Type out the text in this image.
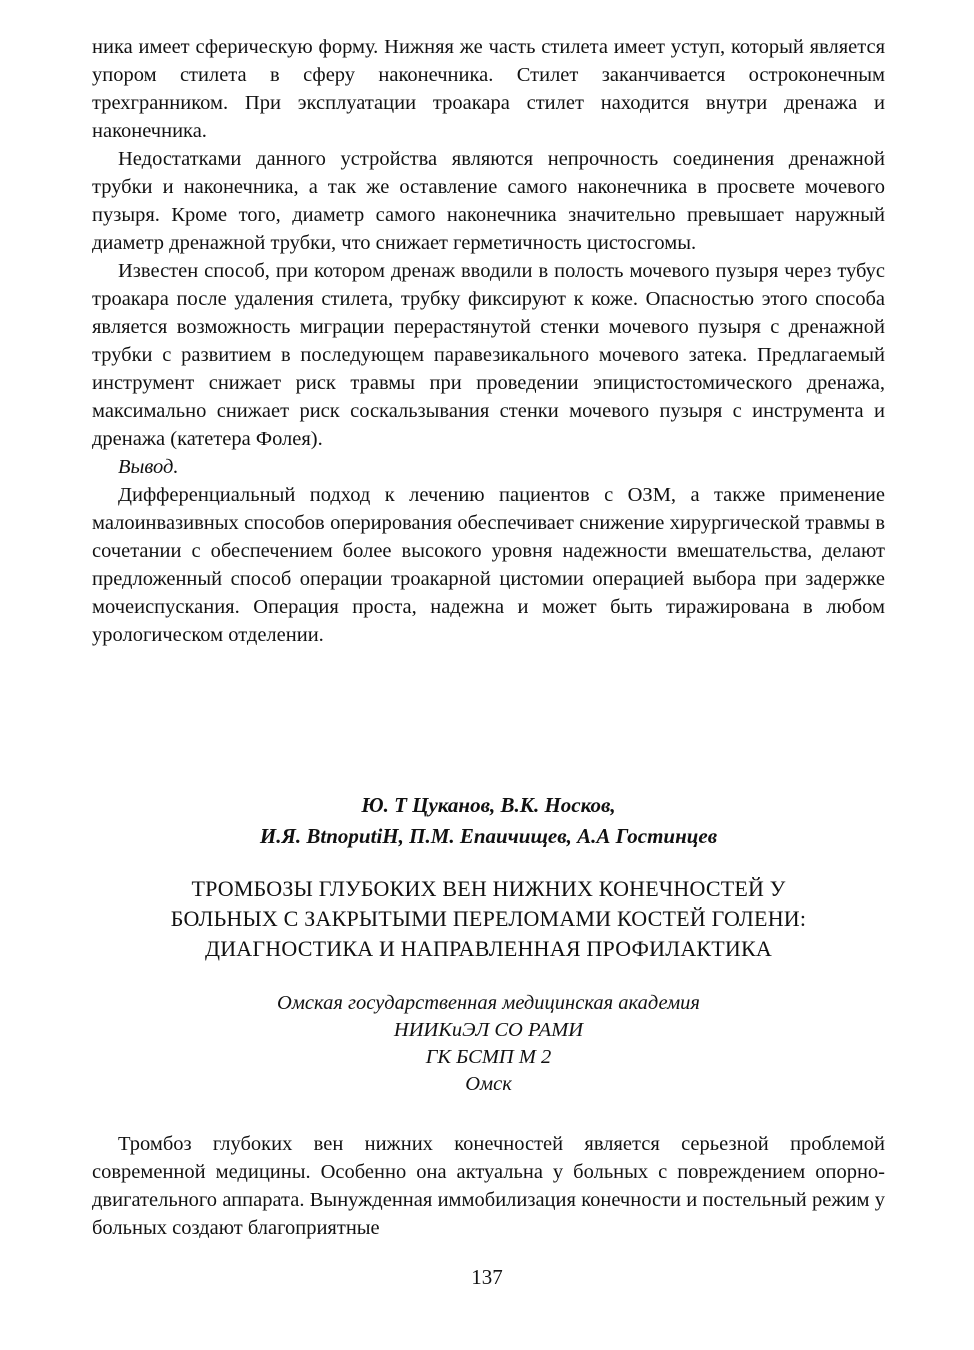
ника имеет сферическую форму. Нижняя же часть стилета имеет уступ, который является упором стилета в сферу наконечника. Стилет заканчивается остроконечным трехгранником. При эксплуатации троакара стилет находится внутри дренажа и наконечника.

Недостатками данного устройства являются непрочность соединения дренажной трубки и наконечника, а так же оставление самого наконечника в просвете мочевого пузыря. Кроме того, диаметр самого наконечника значительно превышает наружный диаметр дренажной трубки, что снижает герметичность цистосгомы.

Известен способ, при котором дренаж вводили в полость мочевого пузыря через тубус троакара после удаления стилета, трубку фиксируют к коже. Опасностью этого способа является возможность миграции перерастянутой стенки мочевого пузыря с дренажной трубки с развитием в последующем паравезикального мочевого затека. Предлагаемый инструмент снижает риск травмы при проведении эпицистостомического дренажа, максимально снижает риск соскальзывания стенки мочевого пузыря с инструмента и дренажа (катетера Фолея).

Вывод.

Дифференциальный подход к лечению пациентов с ОЗМ, а также применение малоинвазивных способов оперирования обеспечивает снижение хирургической травмы в сочетании с обеспечением более высокого уровня надежности вмешательства, делают предложенный способ операции троакарной цистомии операцией выбора при задержке мочеиспускания. Операция проста, надежна и может быть тиражирована в любом урологическом отделении.

Ю. Т Цуканов, В.К. Носков,
И.Я. BtnoputiH, П.М. Епаичищев, А.А Гостинцев
ТРОМБОЗЫ ГЛУБОКИХ ВЕН НИЖНИХ КОНЕЧНОСТЕЙ У
БОЛЬНЫХ С ЗАКРЫТЫМИ ПЕРЕЛОМАМИ КОСТЕЙ ГОЛЕНИ:
ДИАГНОСТИКА И НАПРАВЛЕННАЯ ПРОФИЛАКТИКА
Омская государственная медицинская академия
НИИКиЭЛ СО РАМИ
ГК БСМП М 2
Омск

Тромбоз глубоких вен нижних конечностей является серьезной проблемой современной медицины. Особенно она актуальна у больных с повреждением опорно-двигательного аппарата. Вынужденная иммобилизация конечности и постельный режим у больных создают благоприятные

137
